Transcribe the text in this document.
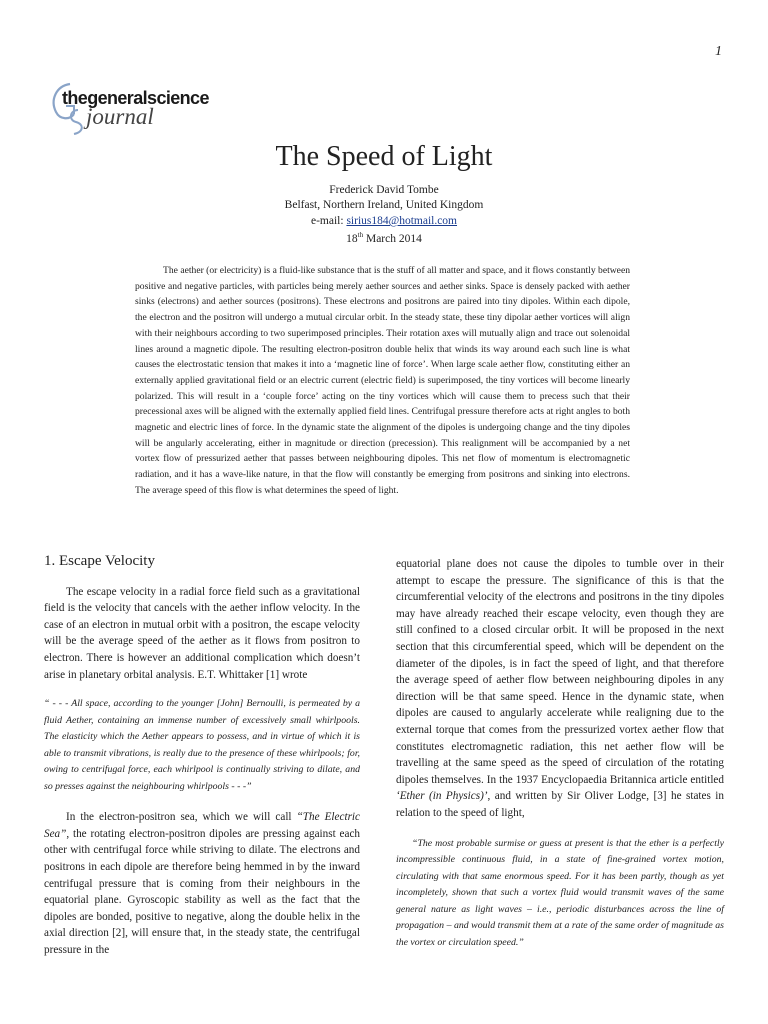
1
thegeneralscience
journal
The Speed of Light
Frederick David Tombe
Belfast, Northern Ireland, United Kingdom
e-mail: sirius184@hotmail.com
18th March 2014

The aether (or electricity) is a fluid-like substance that is the stuff of all matter and space, and it flows constantly between positive and negative particles, with particles being merely aether sources and aether sinks. Space is densely packed with aether sinks (electrons) and aether sources (positrons). These electrons and positrons are paired into tiny dipoles. Within each dipole, the electron and the positron will undergo a mutual circular orbit. In the steady state, these tiny dipolar aether vortices will align with their neighbours according to two superimposed principles. Their rotation axes will mutually align and trace out solenoidal lines around a magnetic dipole. The resulting electron-positron double helix that winds its way around each such line is what causes the electrostatic tension that makes it into a ‘magnetic line of force’. When large scale aether flow, constituting either an externally applied gravitational field or an electric current (electric field) is superimposed, the tiny vortices will become linearly polarized. This will result in a ‘couple force’ acting on the tiny vortices which will cause them to precess such that their precessional axes will be aligned with the externally applied field lines. Centrifugal pressure therefore acts at right angles to both magnetic and electric lines of force. In the dynamic state the alignment of the dipoles is undergoing change and the tiny dipoles will be angularly accelerating, either in magnitude or direction (precession). This realignment will be accompanied by a net vortex flow of pressurized aether that passes between neighbouring dipoles. This net flow of momentum is electromagnetic radiation, and it has a wave-like nature, in that the flow will constantly be emerging from positrons and sinking into electrons. The average speed of this flow is what determines the speed of light.

1. Escape Velocity

The escape velocity in a radial force field such as a gravitational field is the velocity that cancels with the aether inflow velocity. In the case of an electron in mutual orbit with a positron, the escape velocity will be the average speed of the aether as it flows from positron to electron. There is however an additional complication which doesn’t arise in planetary orbital analysis. E.T. Whittaker [1] wrote

“ - - - All space, according to the younger [John] Bernoulli, is permeated by a fluid Aether, containing an immense number of excessively small whirlpools. The elasticity which the Aether appears to possess, and in virtue of which it is able to transmit vibrations, is really due to the presence of these whirlpools; for, owing to centrifugal force, each whirlpool is continually striving to dilate, and so presses against the neighbouring whirlpools - - -”

In the electron-positron sea, which we will call “The Electric Sea”, the rotating electron-positron dipoles are pressing against each other with centrifugal force while striving to dilate. The electrons and positrons in each dipole are therefore being hemmed in by the inward centrifugal pressure that is coming from their neighbours in the equatorial plane. Gyroscopic stability as well as the fact that the dipoles are bonded, positive to negative, along the double helix in the axial direction [2], will ensure that, in the steady state, the centrifugal pressure in the

equatorial plane does not cause the dipoles to tumble over in their attempt to escape the pressure. The significance of this is that the circumferential velocity of the electrons and positrons in the tiny dipoles may have already reached their escape velocity, even though they are still confined to a closed circular orbit. It will be proposed in the next section that this circumferential speed, which will be dependent on the diameter of the dipoles, is in fact the speed of light, and that therefore the average speed of aether flow between neighbouring dipoles in any direction will be that same speed. Hence in the dynamic state, when dipoles are caused to angularly accelerate while realigning due to the external torque that comes from the pressurized vortex aether flow that constitutes electromagnetic radiation, this net aether flow will be travelling at the same speed as the speed of circulation of the rotating dipoles themselves. In the 1937 Encyclopaedia Britannica article entitled ‘Ether (in Physics)’, and written by Sir Oliver Lodge, [3] he states in relation to the speed of light,

“The most probable surmise or guess at present is that the ether is a perfectly incompressible continuous fluid, in a state of fine-grained vortex motion, circulating with that same enormous speed. For it has been partly, though as yet incompletely, shown that such a vortex fluid would transmit waves of the same general nature as light waves – i.e., periodic disturbances across the line of propagation – and would transmit them at a rate of the same order of magnitude as the vortex or circulation speed.”
